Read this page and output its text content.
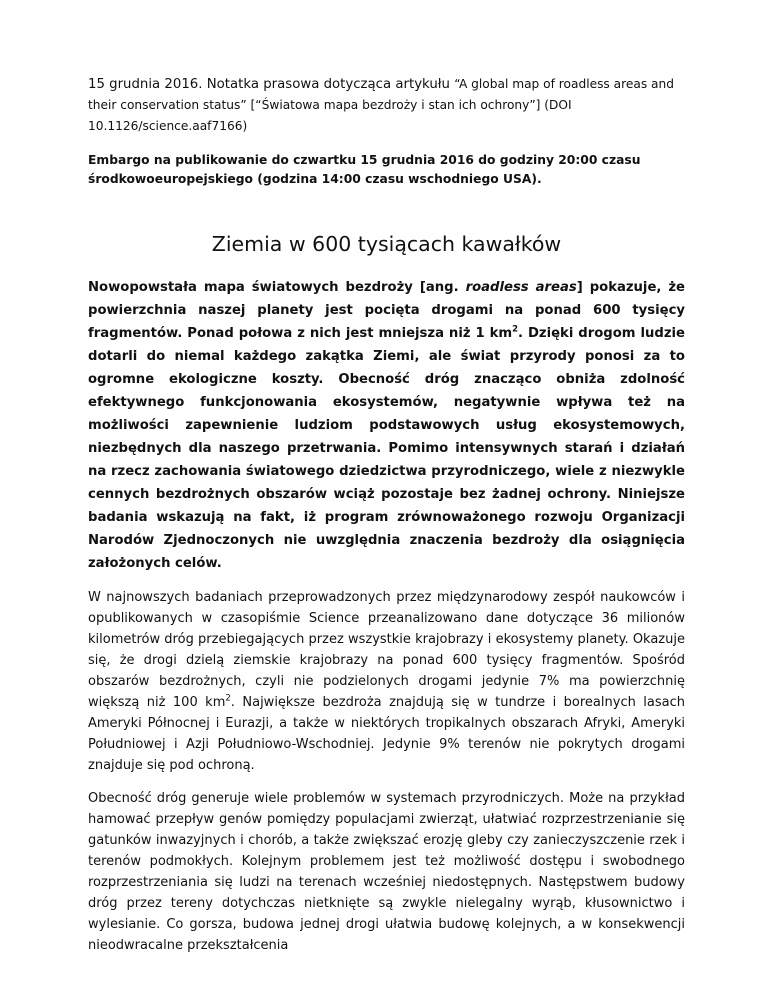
15 grudnia 2016. Notatka prasowa dotycząca artykułu “A global map of roadless areas and their conservation status” [“Światowa mapa bezdroży i stan ich ochrony”] (DOI 10.1126/science.aaf7166)

Embargo na publikowanie do czwartku 15 grudnia 2016 do godziny 20:00 czasu środkowoeuropejskiego (godzina 14:00 czasu wschodniego USA).

Ziemia w 600 tysiącach kawałków

Nowopowstała mapa światowych bezdroży [ang. roadless areas] pokazuje, że powierzchnia naszej planety jest pocięta drogami na ponad 600 tysięcy fragmentów. Ponad połowa z nich jest mniejsza niż 1 $km^2$. Dzięki drogom ludzie dotarli do niemal każdego zakątka Ziemi, ale świat przyrody ponosi za to ogromne ekologiczne koszty. Obecność dróg znacząco obniża zdolność efektywnego funkcjonowania ekosystemów, negatywnie wpływa też na możliwości zapewnienie ludziom podstawowych usług ekosystemowych, niezbędnych dla naszego przetrwania. Pomimo intensywnych starań i działań na rzecz zachowania światowego dziedzictwa przyrodniczego, wiele z niezwykle cennych bezdrożnych obszarów wciąż pozostaje bez żadnej ochrony. Niniejsze badania wskazują na fakt, iż program zrównoważonego rozwoju Organizacji Narodów Zjednoczonych nie uwzględnia znaczenia bezdroży dla osiągnięcia założonych celów.

W najnowszych badaniach przeprowadzonych przez międzynarodowy zespół naukowców i opublikowanych w czasopiśmie Science przeanalizowano dane dotyczące 36 milionów kilometrów dróg przebiegających przez wszystkie krajobrazy i ekosystemy planety. Okazuje się, że drogi dzielą ziemskie krajobrazy na ponad 600 tysięcy fragmentów. Spośród obszarów bezdrożnych, czyli nie podzielonych drogami jedynie 7% ma powierzchnię większą niż 100 $km^2$. Największe bezdroża znajdują się w tundrze i borealnych lasach Ameryki Północnej i Eurazji, a także w niektórych tropikalnych obszarach Afryki, Ameryki Południowej i Azji Południowo-Wschodniej. Jedynie 9% terenów nie pokrytych drogami znajduje się pod ochroną.

Obecność dróg generuje wiele problemów w systemach przyrodniczych. Może na przykład hamować przepływ genów pomiędzy populacjami zwierząt, ułatwiać rozprzestrzenianie się gatunków inwazyjnych i chorób, a także zwiększać erozję gleby czy zanieczyszczenie rzek i terenów podmokłych. Kolejnym problemem jest też możliwość dostępu i swobodnego rozprzestrzeniania się ludzi na terenach wcześniej niedostępnych. Następstwem budowy dróg przez tereny dotychczas nietknięte są zwykle nielegalny wyrąb, kłusownictwo i wylesianie. Co gorsza, budowa jednej drogi ułatwia budowę kolejnych, a w konsekwencji nieodwracalne przekształcenia
